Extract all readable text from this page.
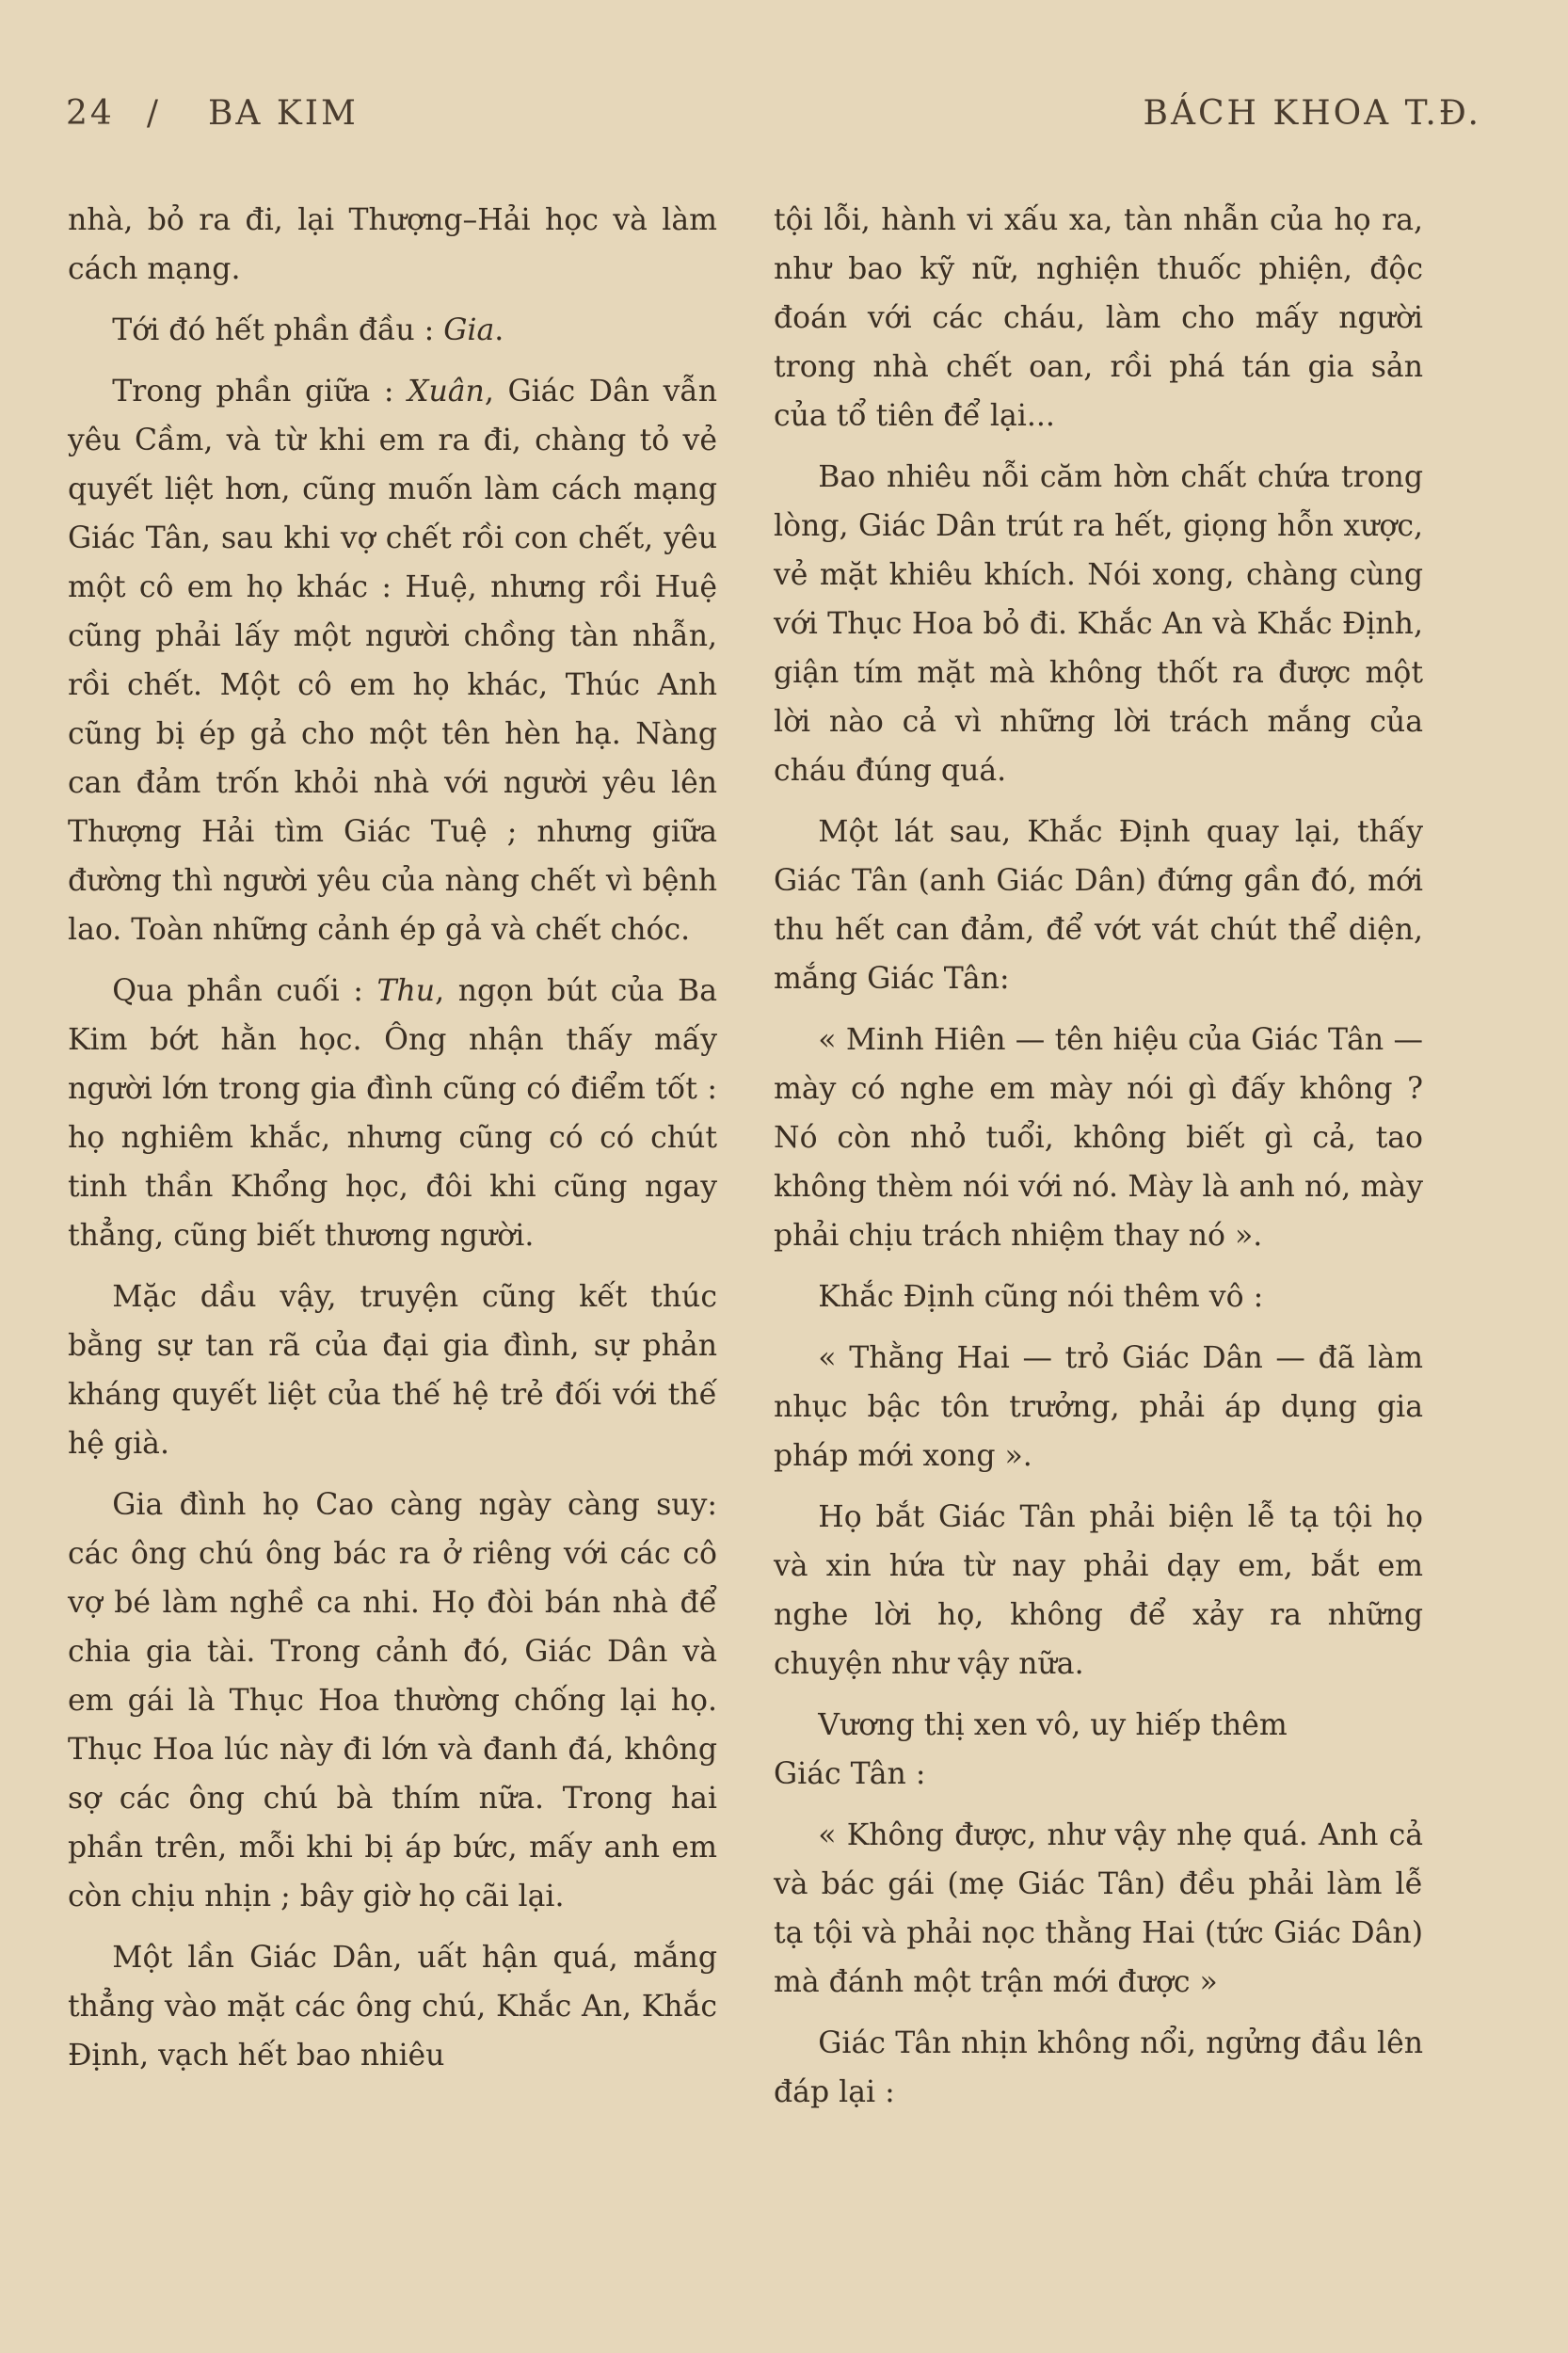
24 / BA KIM	BÁCH KHOA T.Đ.

nhà, bỏ ra đi, lại Thượng–Hải học và làm cách mạng.

Tới đó hết phần đầu : Gia.

Trong phần giữa : Xuân, Giác Dân vẫn yêu Cầm, và từ khi em ra đi, chàng tỏ vẻ quyết liệt hơn, cũng muốn làm cách mạng Giác Tân, sau khi vợ chết rồi con chết, yêu một cô em họ khác : Huệ, nhưng rồi Huệ cũng phải lấy một người chồng tàn nhẫn, rồi chết. Một cô em họ khác, Thúc Anh cũng bị ép gả cho một tên hèn hạ. Nàng can đảm trốn khỏi nhà với người yêu lên Thượng Hải tìm Giác Tuệ ; nhưng giữa đường thì người yêu của nàng chết vì bệnh lao. Toàn những cảnh ép gả và chết chóc.

Qua phần cuối : Thu, ngọn bút của Ba Kim bớt hằn học. Ông nhận thấy mấy người lớn trong gia đình cũng có điểm tốt : họ nghiêm khắc, nhưng cũng có có chút tinh thần Khổng học, đôi khi cũng ngay thẳng, cũng biết thương người.

Mặc dầu vậy, truyện cũng kết thúc bằng sự tan rã của đại gia đình, sự phản kháng quyết liệt của thế hệ trẻ đối với thế hệ già.

Gia đình họ Cao càng ngày càng suy: các ông chú ông bác ra ở riêng với các cô vợ bé làm nghề ca nhi. Họ đòi bán nhà để chia gia tài. Trong cảnh đó, Giác Dân và em gái là Thục Hoa thường chống lại họ. Thục Hoa lúc này đi lớn và đanh đá, không sợ các ông chú bà thím nữa. Trong hai phần trên, mỗi khi bị áp bức, mấy anh em còn chịu nhịn ; bây giờ họ cãi lại.

Một lần Giác Dân, uất hận quá, mắng thẳng vào mặt các ông chú, Khắc An, Khắc Định, vạch hết bao nhiêu

tội lỗi, hành vi xấu xa, tàn nhẫn của họ ra, như bao kỹ nữ, nghiện thuốc phiện, độc đoán với các cháu, làm cho mấy người trong nhà chết oan, rồi phá tán gia sản của tổ tiên để lại...

Bao nhiêu nỗi căm hờn chất chứa trong lòng, Giác Dân trút ra hết, giọng hỗn xược, vẻ mặt khiêu khích. Nói xong, chàng cùng với Thục Hoa bỏ đi. Khắc An và Khắc Định, giận tím mặt mà không thốt ra được một lời nào cả vì những lời trách mắng của cháu đúng quá.

Một lát sau, Khắc Định quay lại, thấy Giác Tân (anh Giác Dân) đứng gần đó, mới thu hết can đảm, để vớt vát chút thể diện, mắng Giác Tân:

« Minh Hiên — tên hiệu của Giác Tân — mày có nghe em mày nói gì đấy không ? Nó còn nhỏ tuổi, không biết gì cả, tao không thèm nói với nó. Mày là anh nó, mày phải chịu trách nhiệm thay nó ».

Khắc Định cũng nói thêm vô :

« Thằng Hai — trỏ Giác Dân — đã làm nhục bậc tôn trưởng, phải áp dụng gia pháp mới xong ».

Họ bắt Giác Tân phải biện lễ tạ tội họ và xin hứa từ nay phải dạy em, bắt em nghe lời họ, không để xảy ra những chuyện như vậy nữa.

Vương thị xen vô, uy hiếp thêm
Giác Tân :

« Không được, như vậy nhẹ quá. Anh cả và bác gái (mẹ Giác Tân) đều phải làm lễ tạ tội và phải nọc thằng Hai (tức Giác Dân) mà đánh một trận mới được »

Giác Tân nhịn không nổi, ngửng đầu lên đáp lại :
